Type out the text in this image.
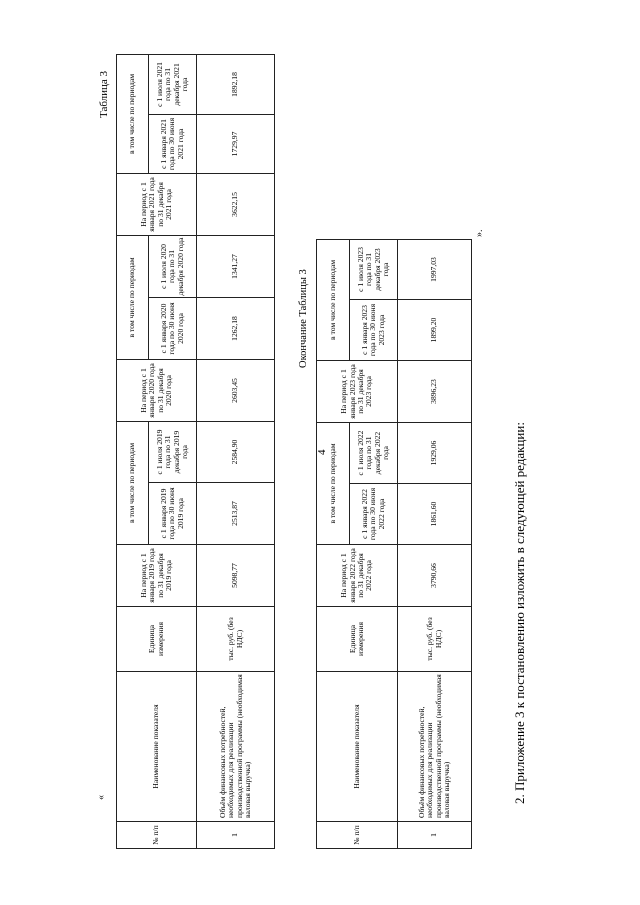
4
Таблица 3
«
№ п/п	Наименование показателя	Единица измерения	На период с 1 января 2019 года по 31 декабря 2019 года	в том числе по периодам		На период с 1 января 2020 года по 31 декабря 2020 года	в том числе по периодам		На период с 1 января 2021 года по 31 декабря 2021 года	в том числе по периодам	
				с 1 января 2019 года по 30 июня 2019 года	с 1 июля 2019 года по 31 декабря 2019 года		с 1 января 2020 года по 30 июня 2020 года	с 1 июля 2020 года по 31 декабря 2020 года		с 1 января 2021 года по 30 июня 2021 года	с 1 июля 2021 года по 31 декабря 2021 года
1	Объём финансовых потребностей, необходимых для реализации производственной программы (необходимая валовая выручка)	тыс. руб. (без НДС)	5098,77	2513,87	2584,90	2603,45	1262,18	1341,27	3622,15	1729,97	1892,18
Окончание Таблицы 3
№ п/п	Наименование показателя	Единица измерения	На период с 1 января 2022 года по 31 декабря 2022 года	в том числе по периодам		На период с 1 января 2023 года по 31 декабря 2023 года	в том числе по периодам	
				с 1 января 2022 года по 30 июня 2022 года	с 1 июля 2022 года по 31 декабря 2022 года		с 1 января 2023 года по 30 июня 2023 года	с 1 июля 2023 года по 31 декабря 2023 года
1	Объём финансовых потребностей, необходимых для реализации производственной программы (необходимая валовая выручка)	тыс. руб. (без НДС)	3790,66	1861,60	1929,06	3896,23	1899,20	1997,03
».
2. Приложение 3 к постановлению изложить в следующей редакции:
